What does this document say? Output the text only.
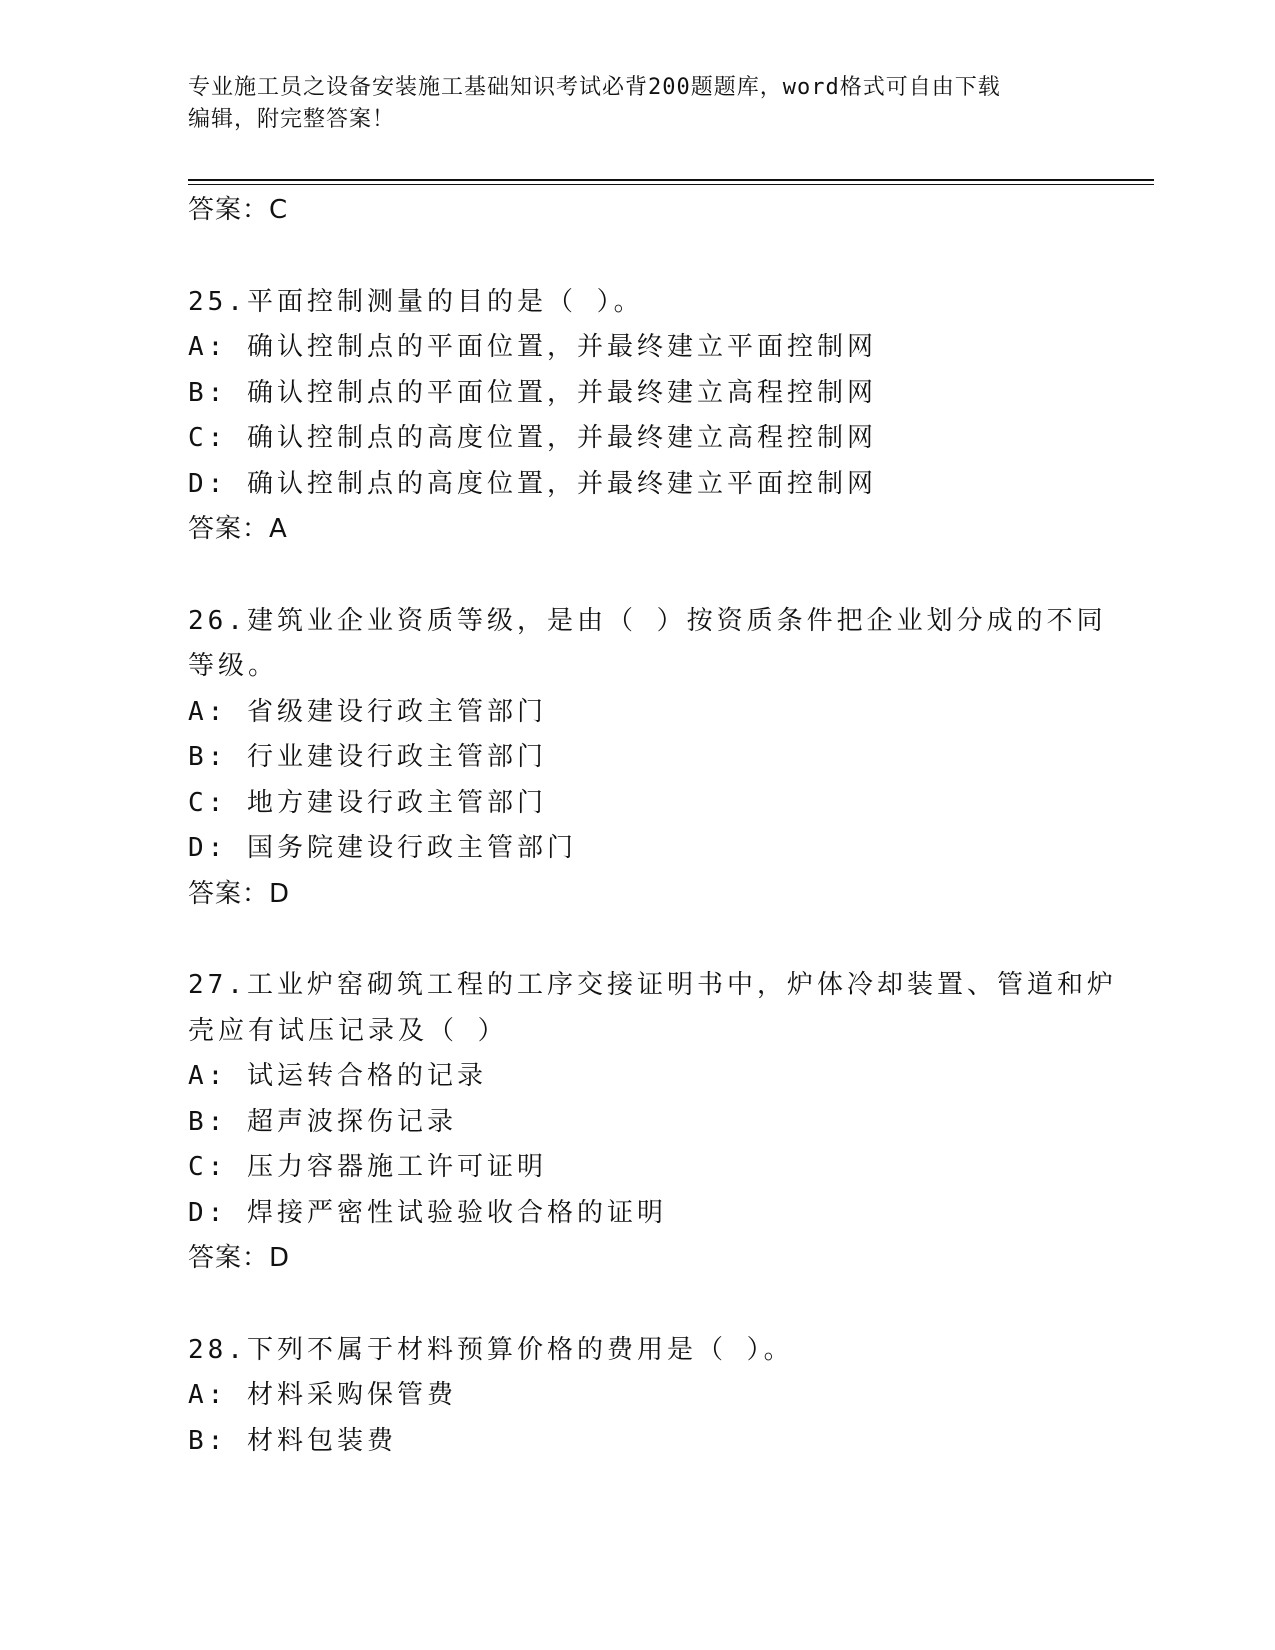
专业施工员之设备安装施工基础知识考试必背200题题库，word格式可自由下载
编辑，附完整答案！
答案：C
25.平面控制测量的目的是（ ）。
A: 确认控制点的平面位置，并最终建立平面控制网
B: 确认控制点的平面位置，并最终建立高程控制网
C: 确认控制点的高度位置，并最终建立高程控制网
D: 确认控制点的高度位置，并最终建立平面控制网
答案：A
26.建筑业企业资质等级，是由（ ）按资质条件把企业划分成的不同
等级。
A: 省级建设行政主管部门
B: 行业建设行政主管部门
C: 地方建设行政主管部门
D: 国务院建设行政主管部门
答案：D
27.工业炉窑砌筑工程的工序交接证明书中，炉体冷却装置、管道和炉
壳应有试压记录及（ ）
A: 试运转合格的记录
B: 超声波探伤记录
C: 压力容器施工许可证明
D: 焊接严密性试验验收合格的证明
答案：D
28.下列不属于材料预算价格的费用是（ ）。
A: 材料采购保管费
B: 材料包装费
